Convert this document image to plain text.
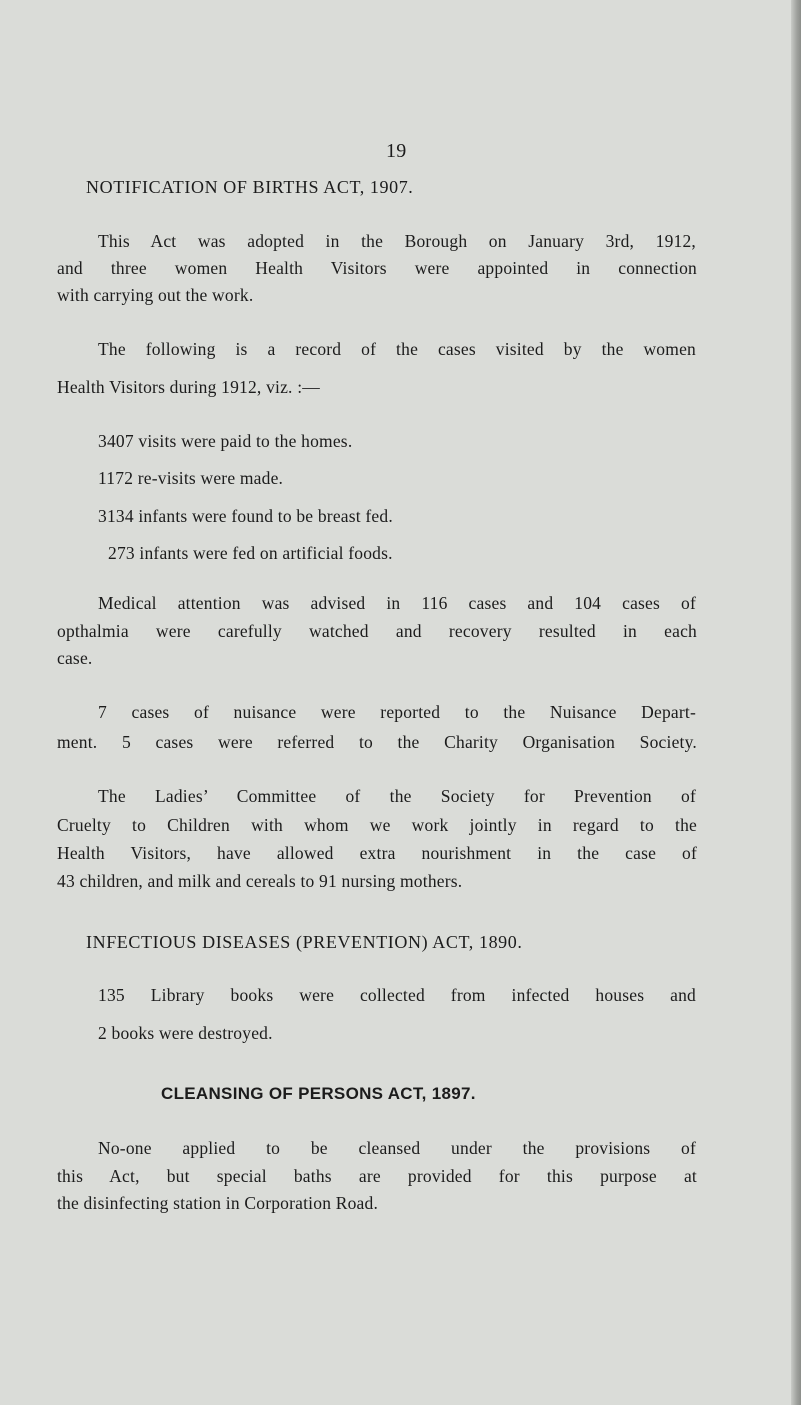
19
NOTIFICATION OF BIRTHS ACT, 1907.
This Act was adopted in the Borough on January 3rd, 1912,
and three women Health Visitors were appointed in connection
with carrying out the work.
The following is a record of the cases visited by the women
Health Visitors during 1912, viz. :—
3407 visits were paid to the homes.
1172 re-visits were made.
3134 infants were found to be breast fed.
273 infants were fed on artificial foods.
Medical attention was advised in 116 cases and 104 cases of
opthalmia were carefully watched and recovery resulted in each
case.
7 cases of nuisance were reported to the Nuisance Depart-
ment. 5 cases were referred to the Charity Organisation Society.
The Ladies’ Committee of the Society for Prevention of
Cruelty to Children with whom we work jointly in regard to the
Health Visitors, have allowed extra nourishment in the case of
43 children, and milk and cereals to 91 nursing mothers.
INFECTIOUS DISEASES (PREVENTION) ACT, 1890.
135 Library books were collected from infected houses and
2 books were destroyed.
CLEANSING OF PERSONS ACT, 1897.
No-one applied to be cleansed under the provisions of
this Act, but special baths are provided for this purpose at
the disinfecting station in Corporation Road.
